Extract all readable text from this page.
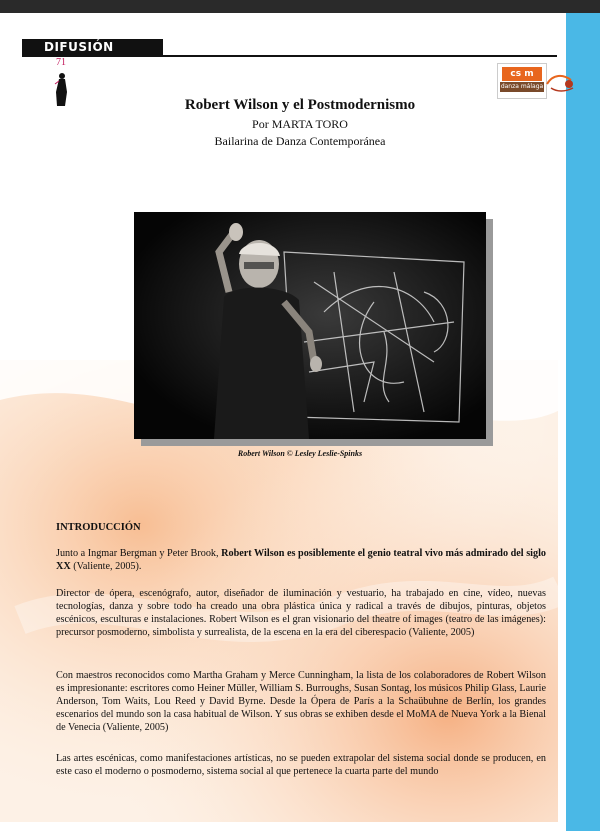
DIFUSIÓN
71
cs m
danza málaga
Robert Wilson y el Postmodernismo
Por MARTA TORO
Bailarina de Danza Contemporánea
Robert Wilson © Lesley Leslie-Spinks
INTRODUCCIÓN
Junto a Ingmar Bergman y Peter Brook, Robert Wilson es posiblemente el genio teatral vivo más admirado del siglo XX (Valiente, 2005).
Director de ópera, escenógrafo, autor, diseñador de iluminación y vestuario, ha trabajado en cine, vídeo, nuevas tecnologías, danza y sobre todo ha creado una obra plástica única y radical a través de dibujos, pinturas, objetos escénicos, esculturas e instalaciones. Robert Wilson es el gran visionario del theatre of images (teatro de las imágenes): precursor posmoderno, simbolista y surrealista, de la escena en la era del ciberespacio (Valiente, 2005)
Con maestros reconocidos como Martha Graham y Merce Cunningham, la lista de los colaboradores de Robert Wilson es impresionante: escritores como Heiner Müller, William S. Burroughs, Susan Sontag, los músicos Philip Glass, Laurie Anderson, Tom Waits, Lou Reed y David Byrne. Desde la Ópera de París a la Schaübuhne de Berlín, los grandes escenarios del mundo son la casa habitual de Wilson. Y sus obras se exhiben desde el MoMA de Nueva York a la Bienal de Venecia (Valiente, 2005)
Las artes escénicas, como manifestaciones artísticas, no se pueden extrapolar del sistema social donde se producen, en este caso el moderno o posmoderno, sistema social al que pertenece la cuarta parte del mundo
